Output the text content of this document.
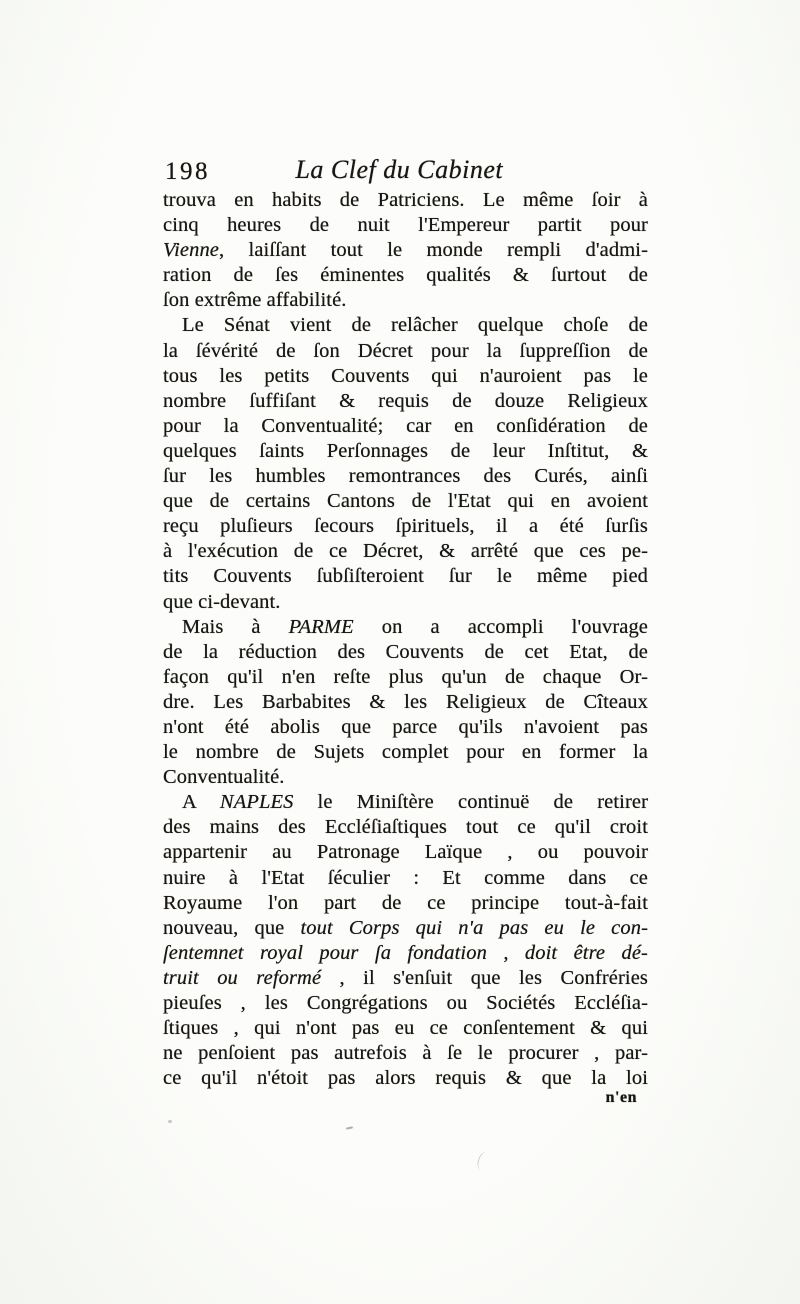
198	La Clef du Cabinet
trouva en habits de Patriciens. Le même ſoir à
cinq heures de nuit l'Empereur partit pour
Vienne, laiſſant tout le monde rempli d'admi-
ration de ſes éminentes qualités & ſurtout de
ſon extrême affabilité.
Le Sénat vient de relâcher quelque choſe de
la ſévérité de ſon Décret pour la ſuppreſſion de
tous les petits Couvents qui n'auroient pas le
nombre ſuffiſant & requis de douze Religieux
pour la Conventualité; car en conſidération de
quelques ſaints Perſonnages de leur Inſtitut, &
ſur les humbles remontrances des Curés, ainſi
que de certains Cantons de l'Etat qui en avoient
reçu pluſieurs ſecours ſpirituels, il a été ſurſis
à l'exécution de ce Décret, & arrêté que ces pe-
tits Couvents ſubſiſteroient ſur le même pied
que ci-devant.
Mais à PARME on a accompli l'ouvrage
de la réduction des Couvents de cet Etat, de
façon qu'il n'en reſte plus qu'un de chaque Or-
dre. Les Barbabites & les Religieux de Cîteaux
n'ont été abolis que parce qu'ils n'avoient pas
le nombre de Sujets complet pour en former la
Conventualité.
A NAPLES le Miniſtère continuë de retirer
des mains des Eccléſiaſtiques tout ce qu'il croit
appartenir au Patronage Laïque , ou pouvoir
nuire à l'Etat ſéculier : Et comme dans ce
Royaume l'on part de ce principe tout-à-fait
nouveau, que tout Corps qui n'a pas eu le con-
ſentemnet royal pour ſa fondation , doit être dé-
truit ou reformé , il s'enſuit que les Confréries
pieuſes , les Congrégations ou Sociétés Eccléſia-
ſtiques , qui n'ont pas eu ce conſentement & qui
ne penſoient pas autrefois à ſe le procurer , par-
ce qu'il n'étoit pas alors requis & que la loi
n'en
